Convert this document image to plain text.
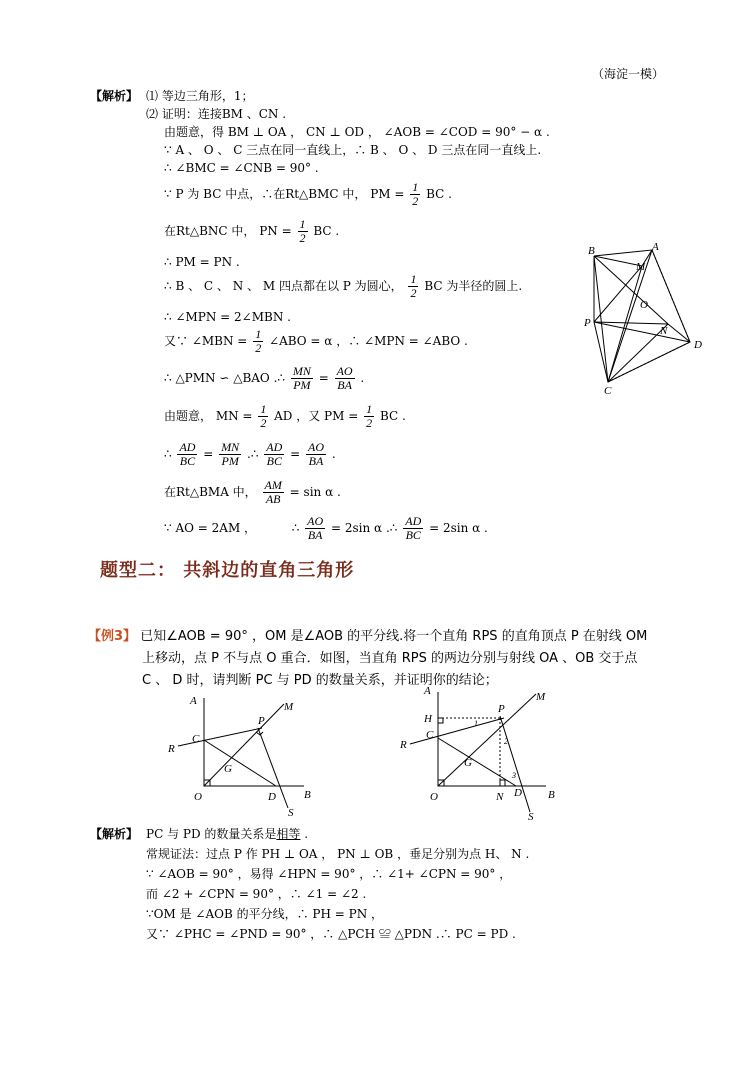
（海淀一模）
【解析】 ⑴ 等边三角形，1；
⑵ 证明：连接BM 、CN .
由题意，得 BM ⊥ OA ， CN ⊥ OD ， ∠AOB = ∠COD = 90° − α .
∵ A 、 O 、 C 三点在同一直线上，∴ B 、 O 、 D 三点在同一直线上.
∴ ∠BMC = ∠CNB = 90° .
∵ P 为 BC 中点，∴在Rt△BMC 中， PM = $\frac{1}{2}$ BC .
在Rt△BNC 中， PN = $\frac{1}{2}$ BC .
∴ PM = PN .
∴ B 、 C 、 N 、 M 四点都在以 P 为圆心， $\frac{1}{2}$ BC 为半径的圆上.
∴ ∠MPN = 2∠MBN .
又∵ ∠MBN = $\frac{1}{2}$ ∠ABO = α ，∴ ∠MPN = ∠ABO .
∴ △PMN ∽ △BAO .∴ $\frac{MN}{PM} = \frac{AO}{BA}$ .
由题意， MN = $\frac{1}{2}$ AD ，又 PM = $\frac{1}{2}$ BC .
∴ $\frac{AD}{BC} = \frac{MN}{PM}$ .∴ $\frac{AD}{BC} = \frac{AO}{BA}$ .
在Rt△BMA 中， $\frac{AM}{AB} = \sin \alpha$ .
∵ AO = 2AM ，	∴ $\frac{AO}{BA} = 2\sin$ α .∴ $\frac{AD}{BC} = 2\sin$ α .
B	A
M
O
P
N
D
C
题型二： 共斜边的直角三角形
【例3】 已知∠AOB = 90° ，OM 是∠AOB 的平分线.将一个直角 RPS 的直角顶点 P 在射线 OM
上移动，点 P 不与点 O 重合．如图，当直角 RPS 的两边分别与射线 OA 、OB 交于点
C 、 D 时，请判断 PC 与 PD 的数量关系，并证明你的结论；
A	M
P
R
C
G
O	D	B
S
A	M
H
P
1
2
3
R
C
G
O	N D B
S
【解析】 PC 与 PD 的数量关系是相等 .
常规证法：过点 P 作 PH ⊥ OA ， PN ⊥ OB ，垂足分别为点 H、 N .
∵ ∠AOB = 90° ，易得 ∠HPN = 90° ，∴ ∠1+ ∠CPN = 90° ，
而 ∠2 + ∠CPN = 90° ，∴ ∠1 = ∠2 .
∵OM 是 ∠AOB 的平分线，∴ PH = PN ，
又∵ ∠PHC = ∠PND = 90° ，∴ △PCH ≌ △PDN .∴ PC = PD .
